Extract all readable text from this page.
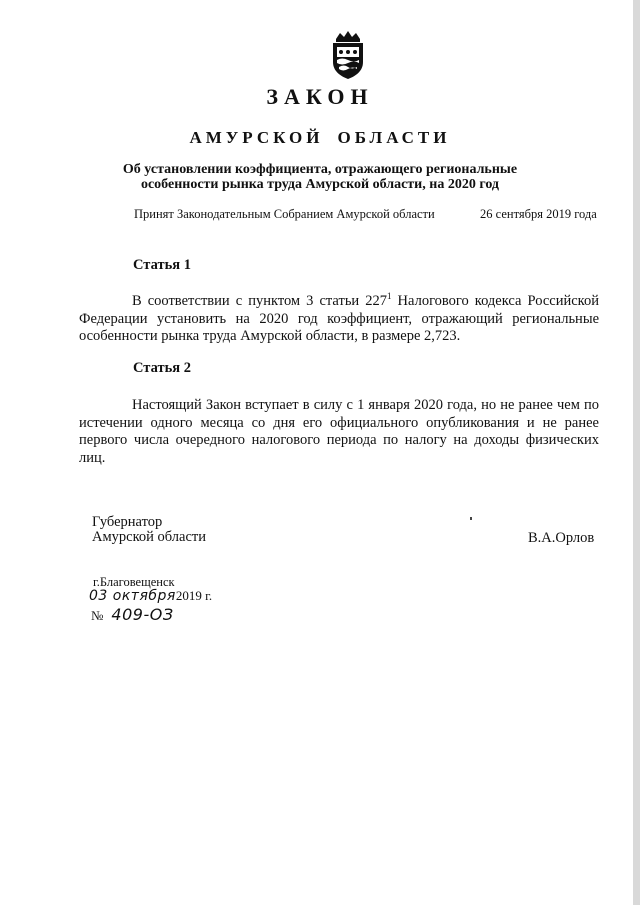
ЗАКОН
АМУРСКОЙ ОБЛАСТИ
Об установлении коэффициента, отражающего региональные
особенности рынка труда Амурской области, на 2020 год
Принят Законодательным Собранием Амурской области	26 сентября 2019 года
Статья 1
В соответствии с пунктом 3 статьи $227^1$ Налогового кодекса Российской Федерации установить на 2020 год коэффициент, отражающий региональные особенности рынка труда Амурской области, в размере 2,723.
Статья 2
Настоящий Закон вступает в силу с 1 января 2020 года, но не ранее чем по истечении одного месяца со дня его официального опубликования и не ранее первого числа очередного налогового периода по налогу на доходы физических лиц.
Губернатор
Амурской области	В.А.Орлов
г.Благовещенск
03 октября2019 г.
№ 409-ОЗ
